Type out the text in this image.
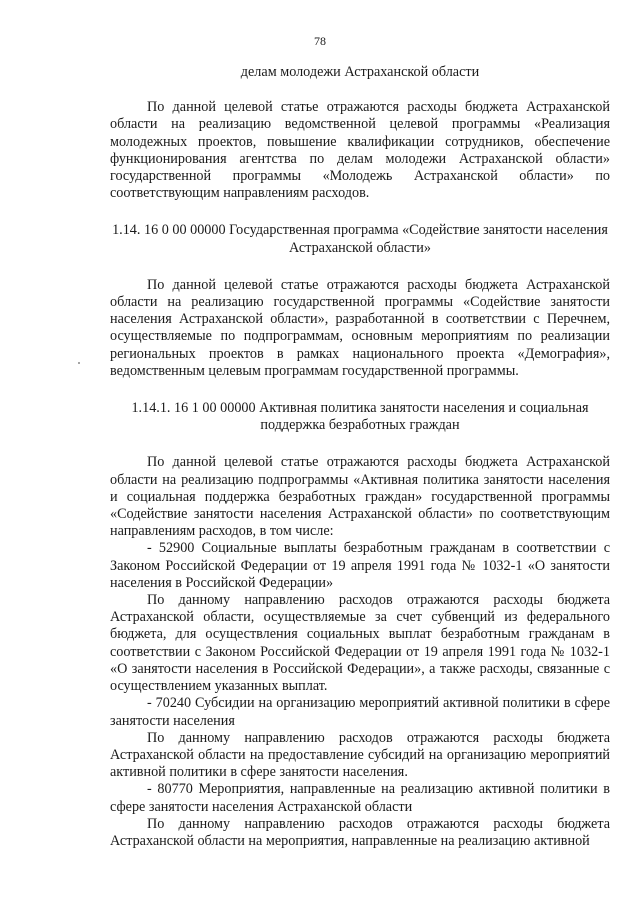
78

делам молодежи Астраханской области

По данной целевой статье отражаются расходы бюджета Астраханской области на реализацию ведомственной целевой программы «Реализация молодежных проектов, повышение квалификации сотрудников, обеспечение функционирования агентства по делам молодежи Астраханской области» государственной программы «Молодежь Астраханской области» по соответствующим направлениям расходов.

1.14. 16 0 00 00000 Государственная программа «Содействие занятости населения Астраханской области»

По данной целевой статье отражаются расходы бюджета Астраханской области на реализацию государственной программы «Содействие занятости населения Астраханской области», разработанной в соответствии с Перечнем, осуществляемые по подпрограммам, основным мероприятиям по реализации региональных проектов в рамках национального проекта «Демография», ведомственным целевым программам государственной программы.

1.14.1. 16 1 00 00000 Активная политика занятости населения и социальная поддержка безработных граждан

По данной целевой статье отражаются расходы бюджета Астраханской области на реализацию подпрограммы «Активная политика занятости населения и социальная поддержка безработных граждан» государственной программы «Содействие занятости населения Астраханской области» по соответствующим направлениям расходов, в том числе:

- 52900 Социальные выплаты безработным гражданам в соответствии с Законом Российской Федерации от 19 апреля 1991 года № 1032-1 «О занятости населения в Российской Федерации»

По данному направлению расходов отражаются расходы бюджета Астраханской области, осуществляемые за счет субвенций из федерального бюджета, для осуществления социальных выплат безработным гражданам в соответствии с Законом Российской Федерации от 19 апреля 1991 года № 1032-1 «О занятости населения в Российской Федерации», а также расходы, связанные с осуществлением указанных выплат.

- 70240 Субсидии на организацию мероприятий активной политики в сфере занятости населения

По данному направлению расходов отражаются расходы бюджета Астраханской области на предоставление субсидий на организацию мероприятий активной политики в сфере занятости населения.

- 80770 Мероприятия, направленные на реализацию активной политики в сфере занятости населения Астраханской области

По данному направлению расходов отражаются расходы бюджета Астраханской области на мероприятия, направленные на реализацию активной
